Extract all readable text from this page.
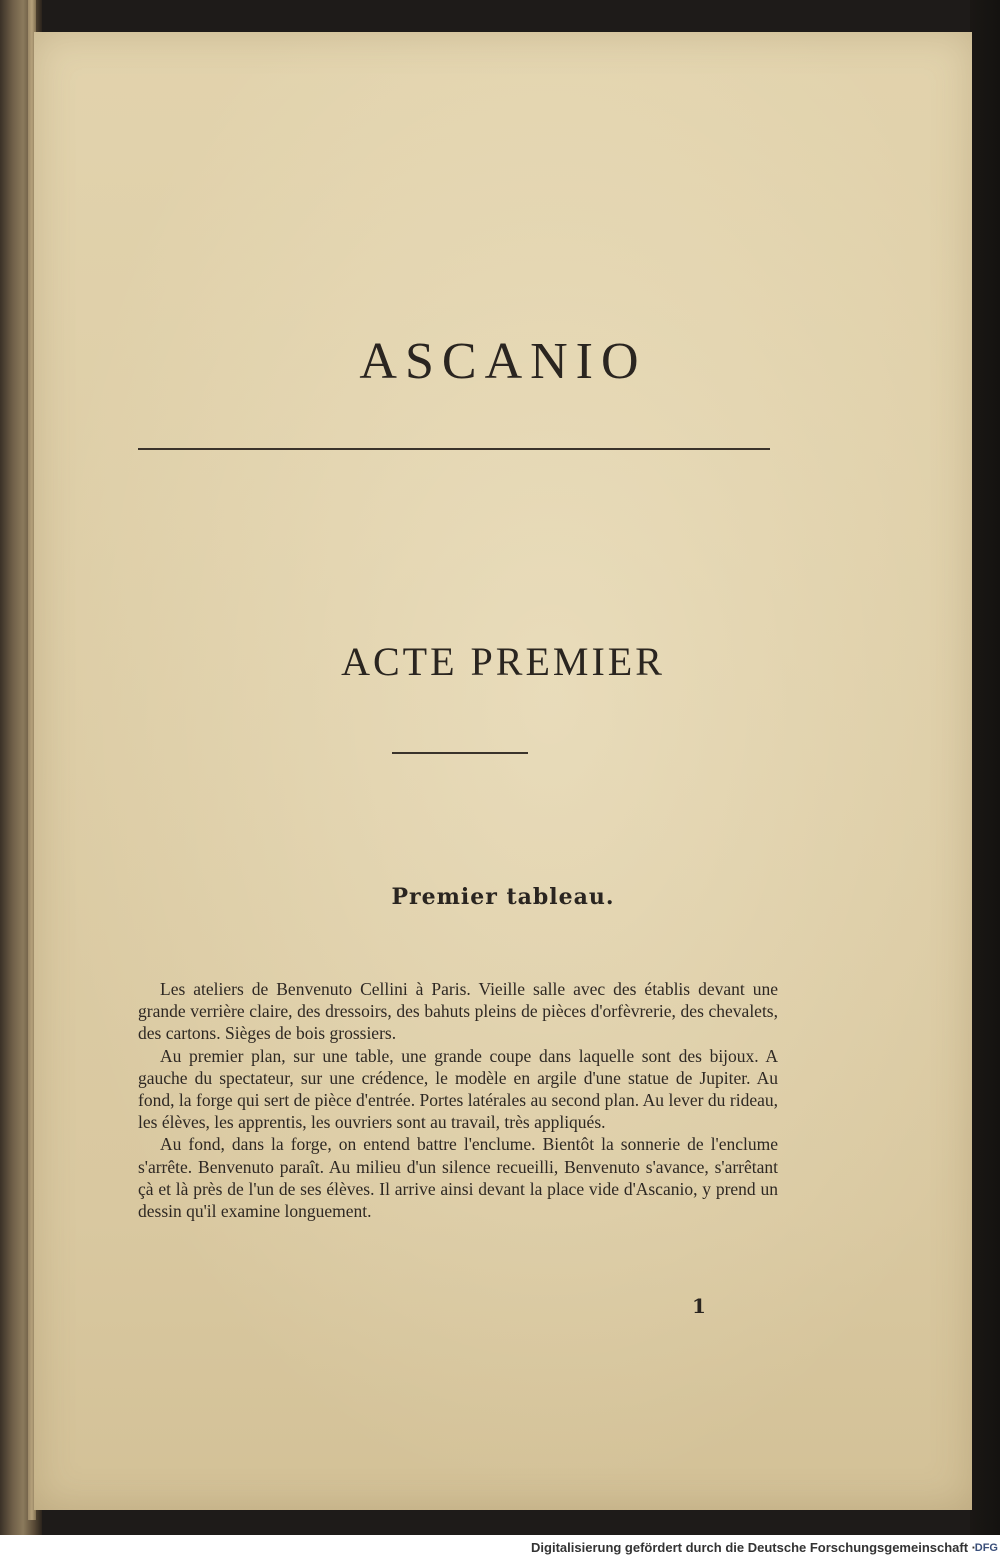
ASCANIO
ACTE PREMIER
Premier tableau.

Les ateliers de Benvenuto Cellini à Paris. Vieille salle avec des établis devant une grande verrière claire, des dressoirs, des bahuts pleins de pièces d'orfèvrerie, des chevalets, des cartons. Sièges de bois grossiers.

Au premier plan, sur une table, une grande coupe dans laquelle sont des bijoux. A gauche du spectateur, sur une crédence, le modèle en argile d'une statue de Jupiter. Au fond, la forge qui sert de pièce d'entrée. Portes latérales au second plan. Au lever du rideau, les élèves, les apprentis, les ouvriers sont au travail, très appliqués.

Au fond, dans la forge, on entend battre l'enclume. Bientôt la sonnerie de l'enclume s'arrête. Benvenuto paraît. Au milieu d'un silence recueilli, Benvenuto s'avance, s'arrêtant çà et là près de l'un de ses élèves. Il arrive ainsi devant la place vide d'Ascanio, y prend un dessin qu'il examine longuement.

1

Digitalisierung gefördert durch die Deutsche Forschungsgemeinschaft ·
DFG
